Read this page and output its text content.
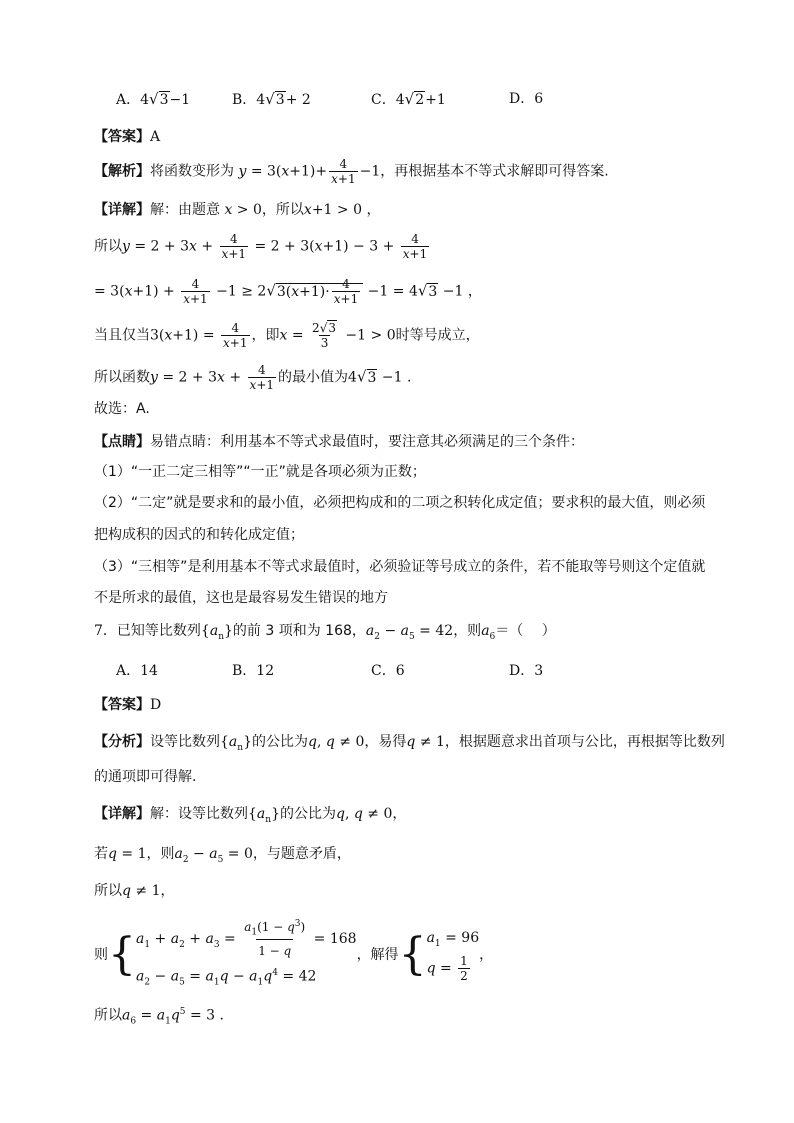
A．4√3−1	B．4√3+ 2	C．4√2+1	D．6
【答案】A
【解析】将函数变形为 $y = 3(x+1)+ \frac{4}{x+1} -1$，再根据基本不等式求解即可得答案.
【详解】解：由题意 x > 0，所以x+1 > 0 ，
所以$y = 2 + 3x + \frac{4}{x+1} = 2 + 3(x+1) - 3 + \frac{4}{x+1}$
= $3(x+1) + \frac{4}{x+1} -1 \ge 2√3(x+1)\cdot \frac{4}{x+1} -1 = 4√3 -1$ ，
当且仅当$3(x+1) = \frac{4}{x+1}$ ，即$x = \frac{2√3}{3} -1 > 0$时等号成立，
所以函数$y = 2 + 3x + \frac{4}{x+1}$ 的最小值为4√3 −1 .
故选：A.
【点睛】易错点睛：利用基本不等式求最值时，要注意其必须满足的三个条件：
（1）“一正二定三相等”“一正”就是各项必须为正数；
（2）“二定”就是要求和的最小值，必须把构成和的二项之积转化成定值；要求积的最大值，则必须
把构成积的因式的和转化成定值；
（3）“三相等”是利用基本不等式求最值时，必须验证等号成立的条件，若不能取等号则这个定值就
不是所求的最值，这也是最容易发生错误的地方
7．已知等比数列$\{a_n\}$的前 3 项和为 168，$a_2 - a_5 = 42$，则$a_6=$（　 ）
A．14	B．12	C．6	D．3
【答案】D
【分析】设等比数列$\{a_n\}$的公比为q, q ≠ 0，易得q ≠ 1，根据题意求出首项与公比，再根据等比数列
的通项即可得解.
【详解】解：设等比数列$\{a_n\}$的公比为q, q ≠ 0，
若q = 1，则$a_2 - a_5 = 0$，与题意矛盾，
所以q ≠ 1，
则{ $a_1 + a_2 + a_3 = \frac{a_1(1 - q^3)}{1 - q} = 168$
$a_2 - a_5 = a_1q - a_1q^4 = 42$
，解得{ $a_1 = 96$
$q = \frac{1}{2}$ ，
所以$a_6 = a_1q^5 = 3$ .
